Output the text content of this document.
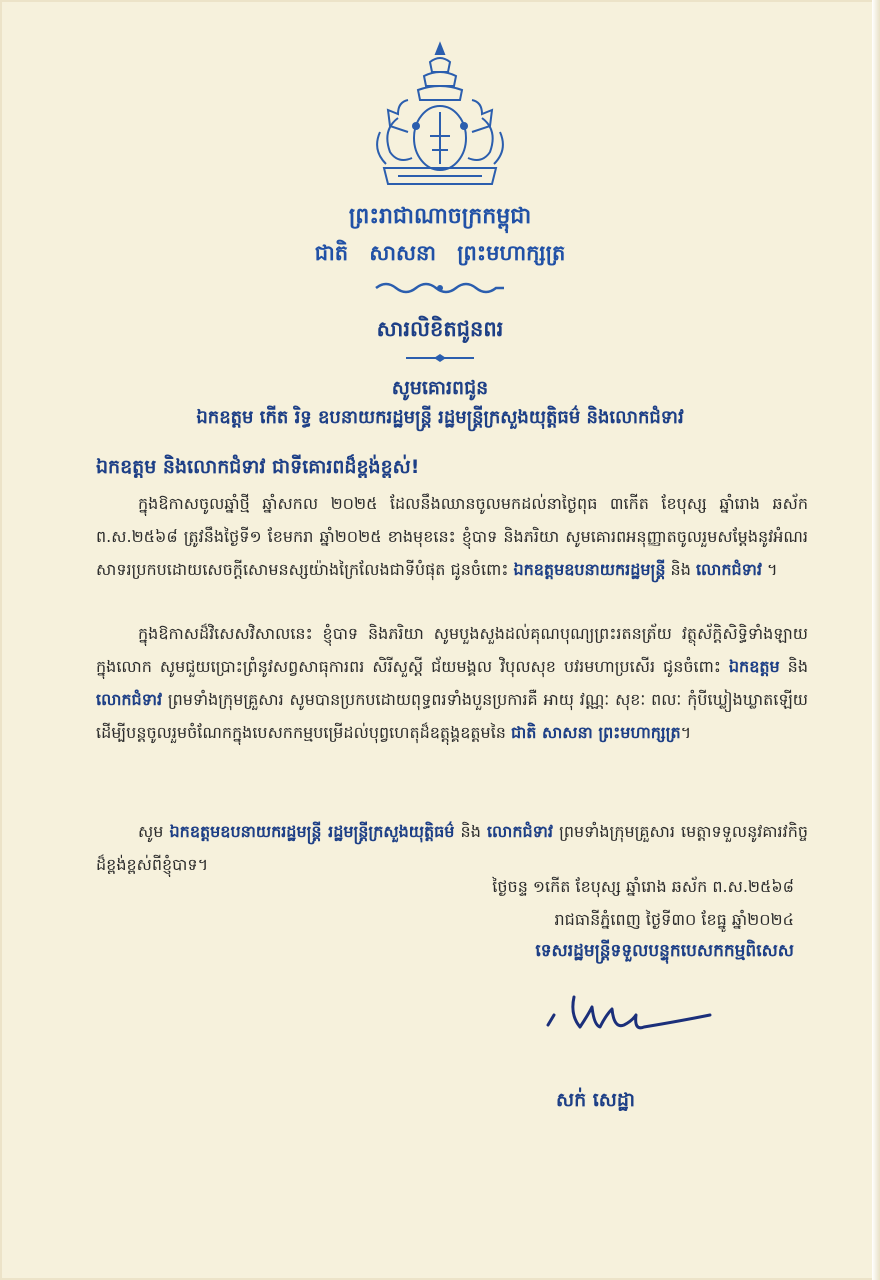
ព្រះរាជាណាចក្រកម្ពុជា
ជាតិ សាសនា ព្រះមហាក្សត្រ
សារលិខិតជូនពរ
សូមគោរពជូន
ឯកឧត្តម កើត រិទ្ធ ឧបនាយករដ្ឋមន្ត្រី រដ្ឋមន្ត្រីក្រសួងយុត្តិធម៌ និងលោកជំទាវ
ឯកឧត្តម និងលោកជំទាវ ជាទីគោរពដ៏ខ្ពង់ខ្ពស់!

ក្នុងឱកាសចូលឆ្នាំថ្មី ឆ្នាំសកល ២០២៥ ដែលនឹងឈានចូលមកដល់នាថ្ងៃពុធ ៣កើត ខែបុស្ស ឆ្នាំរោង ឆស័ក ព.ស.២៥៦៨ ត្រូវនឹងថ្ងៃទី១ ខែមករា ឆ្នាំ២០២៥ ខាងមុខនេះ ខ្ញុំបាទ និងភរិយា សូមគោរពអនុញ្ញាតចូលរួមសម្តែងនូវអំណរសាទរប្រកបដោយសេចក្តីសោមនស្សយ៉ាងក្រៃលែងជាទីបំផុត ជូនចំពោះ ឯកឧត្តមឧបនាយករដ្ឋមន្ត្រី និង លោកជំទាវ ។

ក្នុងឱកាសដ៏វិសេសវិសាលនេះ ខ្ញុំបាទ និងភរិយា សូមបួងសួងដល់គុណបុណ្យព្រះរតនត្រ័យ វត្ថុស័ក្តិសិទ្ធិទាំងឡាយក្នុងលោក សូមជួយប្រោះព្រំនូវសព្វសាធុការពរ សិរីសួស្តី ជ័យមង្គល វិបុលសុខ បវរមហាប្រសើរ ជូនចំពោះ ឯកឧត្តម និង លោកជំទាវ ព្រមទាំងក្រុមគ្រួសារ សូមបានប្រកបដោយពុទ្ធពរទាំងបួនប្រការគឺ អាយុ វណ្ណៈ សុខៈ ពលៈ កុំបីឃ្លៀងឃ្លាតឡើយ ដើម្បីបន្តចូលរួមចំណែកក្នុងបេសកកម្មបម្រើដល់បុព្វហេតុដ៏ឧត្តុង្គឧត្តមនៃ ជាតិ សាសនា ព្រះមហាក្សត្រ។

សូម ឯកឧត្តមឧបនាយករដ្ឋមន្ត្រី រដ្ឋមន្ត្រីក្រសួងយុត្តិធម៌ និង លោកជំទាវ ព្រមទាំងក្រុមគ្រួសារ មេត្តាទទួលនូវគារវកិច្ចដ៏ខ្ពង់ខ្ពស់ពីខ្ញុំបាទ។

ថ្ងៃចន្ទ ១កើត ខែបុស្ស ឆ្នាំរោង ឆស័ក ព.ស.២៥៦៨
រាជធានីភ្នំពេញ ថ្ងៃទី៣០ ខែធ្នូ ឆ្នាំ២០២៤
ទេសរដ្ឋមន្ត្រីទទួលបន្ទុកបេសកកម្មពិសេស
សក់ សេដ្ឋា
